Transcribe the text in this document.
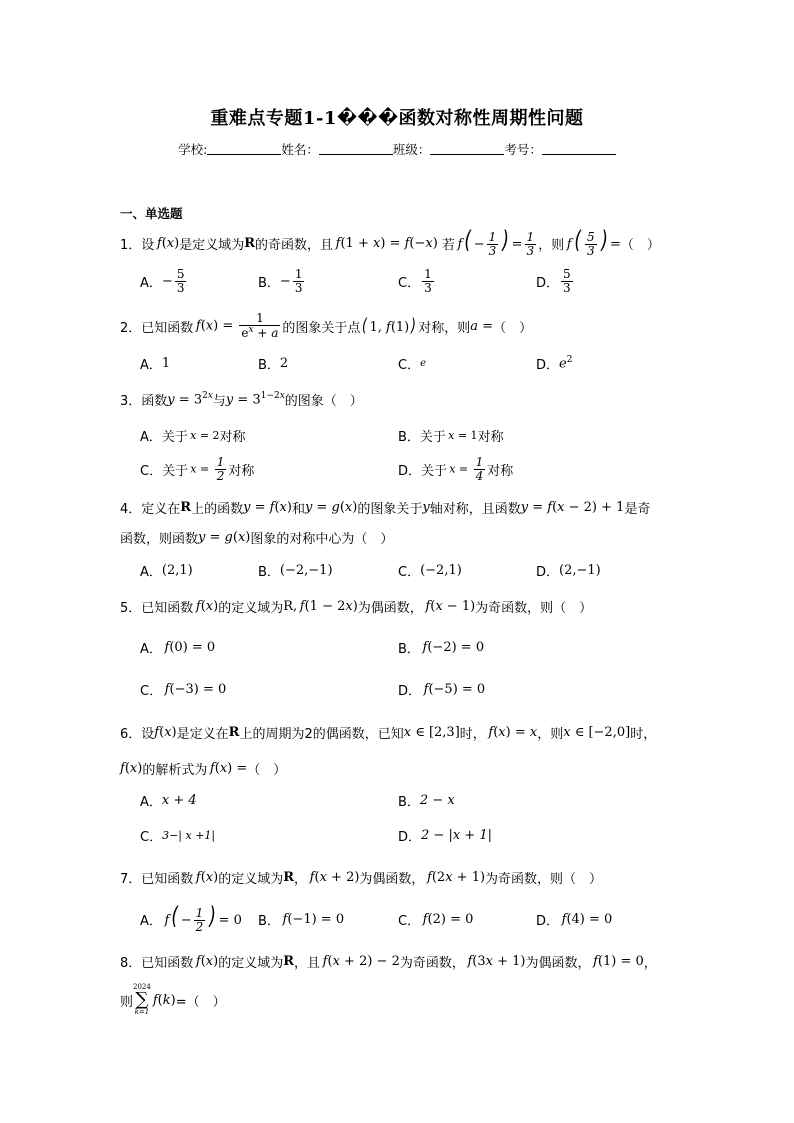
重难点专题1-1���函数对称性周期性问题
学校:	姓名：	班级：	考号：
一、单选题
1． 设  f(x) 是定义域为 R 的奇函数，且  f(1 + x) = f(−x) 若  f ( − $\frac{1}{3}$ ) = $\frac{1}{3}$ ，则  f ( $\frac{5}{3}$ ) = （　）
A． − $\frac{5}{3}$	B． − $\frac{1}{3}$	C． $\frac{1}{3}$	D． $\frac{5}{3}$
2． 已知函数  $f(x) = \frac{1}{e^x + a}$ 的图象关于点 ( 1, f(1) ) 对称，则 a = （　）
A． 1	B． 2	C． e	D． $e^2$
3． 函数 $y = 3^{2x}$ 与 $y = 3^{1-2x}$ 的图象（　）
A． 关于  x = 2 对称	B． 关于  x = 1 对称
C． 关于  $x = \frac{1}{2}$ 对称	D． 关于  $x = \frac{1}{4}$ 对称
4． 定义在 R 上的函数 y = f(x) 和 y = g(x) 的图象关于 y 轴对称，且函数 y = f(x − 2) + 1 是奇
函数，则函数 y = g(x) 图象的对称中心为（　）
A． (2,1)	B． (−2,−1)	C． (−2,1)	D． (2,−1)
5． 已知函数  f(x) 的定义域为 R ,  f(1 − 2x) 为偶函数，  f(x − 1) 为奇函数，则（　）
A．  f(0) = 0	B．  f(−2) = 0
C．  f(−3) = 0	D．  f(−5) = 0
6． 设 f(x) 是定义在 R 上的周期为2的偶函数，已知 x ∈ [2,3] 时，  f(x) = x ，则 x ∈ [−2,0] 时，
f(x) 的解析式为  f(x) = （　）
A． x + 4	B． 2 − x
C． 3−| x +1|	D． 2 − |x + 1|
7． 已知函数  f(x) 的定义域为 R ，  f(x + 2) 为偶函数，  f(2x + 1) 为奇函数，则（　）
A．  f ( − $\frac{1}{2}$ ) = 0 B．  f(−1) = 0	C．  f(2) = 0	D．  f(4) = 0
8． 已知函数  f(x) 的定义域为 R ，且  f(x + 2) − 2 为奇函数，  f(3x + 1) 为偶函数，  f(1) = 0 ，
则
2024
∑
k=1
f(k) =（　）
